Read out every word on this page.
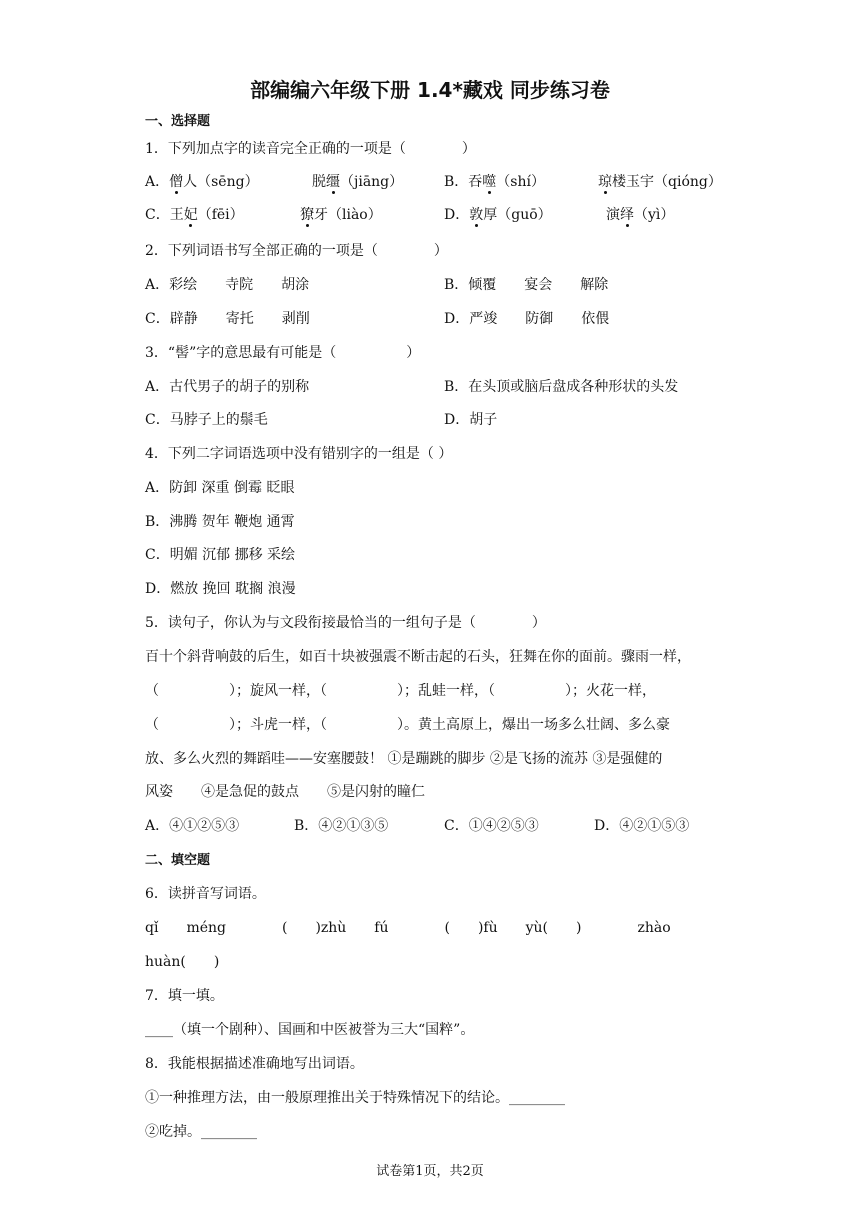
部编编六年级下册 1.4*藏戏 同步练习卷
一、选择题
1．下列加点字的读音完全正确的一项是（　　　　）
A．僧人（sēng）	脱缰（jiāng）	B．吞噬（shí）	琼楼玉宇（qióng）
C．王妃（fēi）	獠牙（liào）	D．敦厚（guō）	演绎（yì）
2．下列词语书写全部正确的一项是（　　　　）
A．彩绘　　寺院　　胡涂	B．倾覆　　宴会　　解除
C．辟静　　寄托　　剥削	D．严竣　　防御　　依偎
3．“髻”字的意思最有可能是（　　　　　）
A．古代男子的胡子的别称	B．在头顶或脑后盘成各种形状的头发
C．马脖子上的鬃毛	D．胡子
4．下列二字词语选项中没有错别字的一组是（ ）
A．防卸 深重 倒霉 眨眼
B．沸腾 贺年 鞭炮 通霄
C．明媚 沉郁 挪移 采绘
D．燃放 挽回 耽搁 浪漫
5．读句子，你认为与文段衔接最恰当的一组句子是（　　　　）
百十个斜背响鼓的后生，如百十块被强震不断击起的石头，狂舞在你的面前。骤雨一样，
（　　　　　）；旋风一样，（　　　　　）；乱蛙一样，（　　　　　）；火花一样，
（　　　　　）；斗虎一样，（　　　　　）。黄土高原上，爆出一场多么壮阔、多么豪
放、多么火烈的舞蹈哇——安塞腰鼓！ ①是蹦跳的脚步 ②是飞扬的流苏 ③是强健的
风姿　　④是急促的鼓点　　⑤是闪射的瞳仁
A．④①②⑤③	B．④②①③⑤	C．①④②⑤③	D．④②①⑤③
二、填空题
6．读拼音写词语。
qǐ　　méng　　　　(　　)zhù　　fú　　　　(　　)fù　　yù(　　)　　　　zhào
huàn(　　)
7．填一填。
____（填一个剧种）、国画和中医被誉为三大“国粹”。
8．我能根据描述准确地写出词语。
①一种推理方法，由一般原理推出关于特殊情况下的结论。________
②吃掉。________
试卷第1页，共2页
